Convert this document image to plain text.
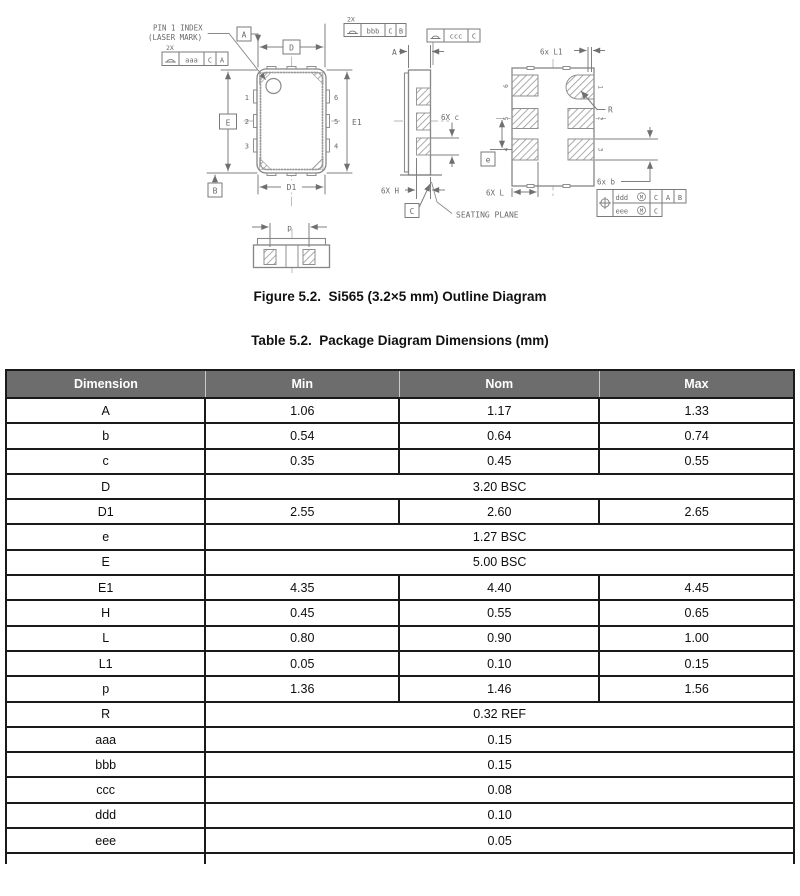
1
2
3
6
5
4
D
A
PIN 1 INDEX
(LASER MARK)
2X
bbb C B
2X
aaa C A
E
B
E1
D1
ccc C
A
6X c
6X H
C	SEATING PLANE
6
5
4
1
2
3
6x L1
R
e
6X L
6x b
ddd M C A B
eee M C
p
Figure 5.2.  Si565 (3.2×5 mm) Outline Diagram
Table 5.2.  Package Diagram Dimensions (mm)
Dimension	Min	Nom	Max
A	1.06	1.17	1.33
b	0.54	0.64	0.74
c	0.35	0.45	0.55
D	3.20 BSC		
D1	2.55	2.60	2.65
e	1.27 BSC		
E	5.00 BSC		
E1	4.35	4.40	4.45
H	0.45	0.55	0.65
L	0.80	0.90	1.00
L1	0.05	0.10	0.15
p	1.36	1.46	1.56
R	0.32 REF		
aaa	0.15		
bbb	0.15		
ccc	0.08		
ddd	0.10		
eee	0.05		
